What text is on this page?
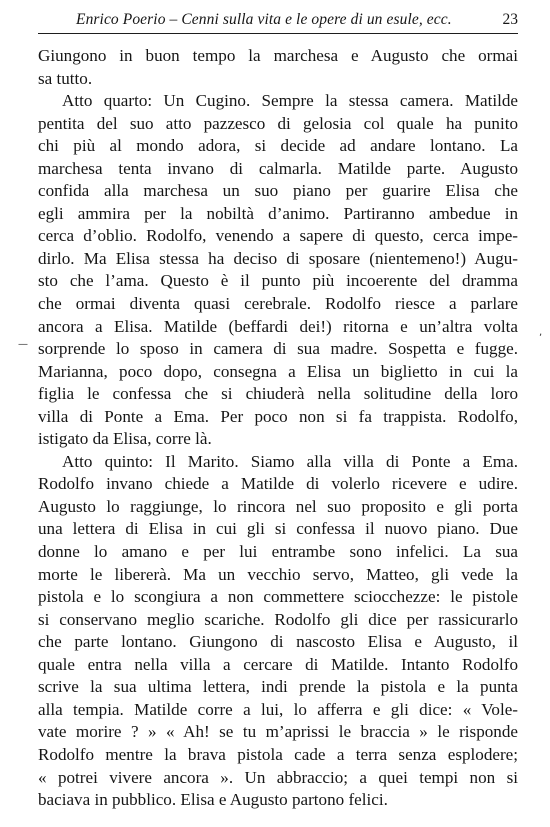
Enrico Poerio – Cenni sulla vita e le opere di un esule, ecc.	23
Giungono in buon tempo la marchesa e Augusto che ormai
sa tutto.
Atto quarto: Un Cugino. Sempre la stessa camera. Matilde
pentita del suo atto pazzesco di gelosia col quale ha punito
chi più al mondo adora, si decide ad andare lontano. La
marchesa tenta invano di calmarla. Matilde parte. Augusto
confida alla marchesa un suo piano per guarire Elisa che
egli ammira per la nobiltà d’animo. Partiranno ambedue in
cerca d’oblio. Rodolfo, venendo a sapere di questo, cerca impe-
dirlo. Ma Elisa stessa ha deciso di sposare (nientemeno!) Augu-
sto che l’ama. Questo è il punto più incoerente del dramma
che ormai diventa quasi cerebrale. Rodolfo riesce a parlare
ancora a Elisa. Matilde (beffardi dei!) ritorna e un’altra volta
sorprende lo sposo in camera di sua madre. Sospetta e fugge.
Marianna, poco dopo, consegna a Elisa un biglietto in cui la
figlia le confessa che si chiuderà nella solitudine della loro
villa di Ponte a Ema. Per poco non si fa trappista. Rodolfo,
istigato da Elisa, corre là.
Atto quinto: Il Marito. Siamo alla villa di Ponte a Ema.
Rodolfo invano chiede a Matilde di volerlo ricevere e udire.
Augusto lo raggiunge, lo rincora nel suo proposito e gli porta
una lettera di Elisa in cui gli si confessa il nuovo piano. Due
donne lo amano e per lui entrambe sono infelici. La sua
morte le libererà. Ma un vecchio servo, Matteo, gli vede la
pistola e lo scongiura a non commettere sciocchezze: le pistole
si conservano meglio scariche. Rodolfo gli dice per rassicurarlo
che parte lontano. Giungono di nascosto Elisa e Augusto, il
quale entra nella villa a cercare di Matilde. Intanto Rodolfo
scrive la sua ultima lettera, indi prende la pistola e la punta
alla tempia. Matilde corre a lui, lo afferra e gli dice: « Vole-
vate morire ? » « Ah! se tu m’aprissi le braccia » le risponde
Rodolfo mentre la brava pistola cade a terra senza esplodere;
« potrei vivere ancora ». Un abbraccio; a quei tempi non si
baciava in pubblico. Elisa e Augusto partono felici.
,
—
